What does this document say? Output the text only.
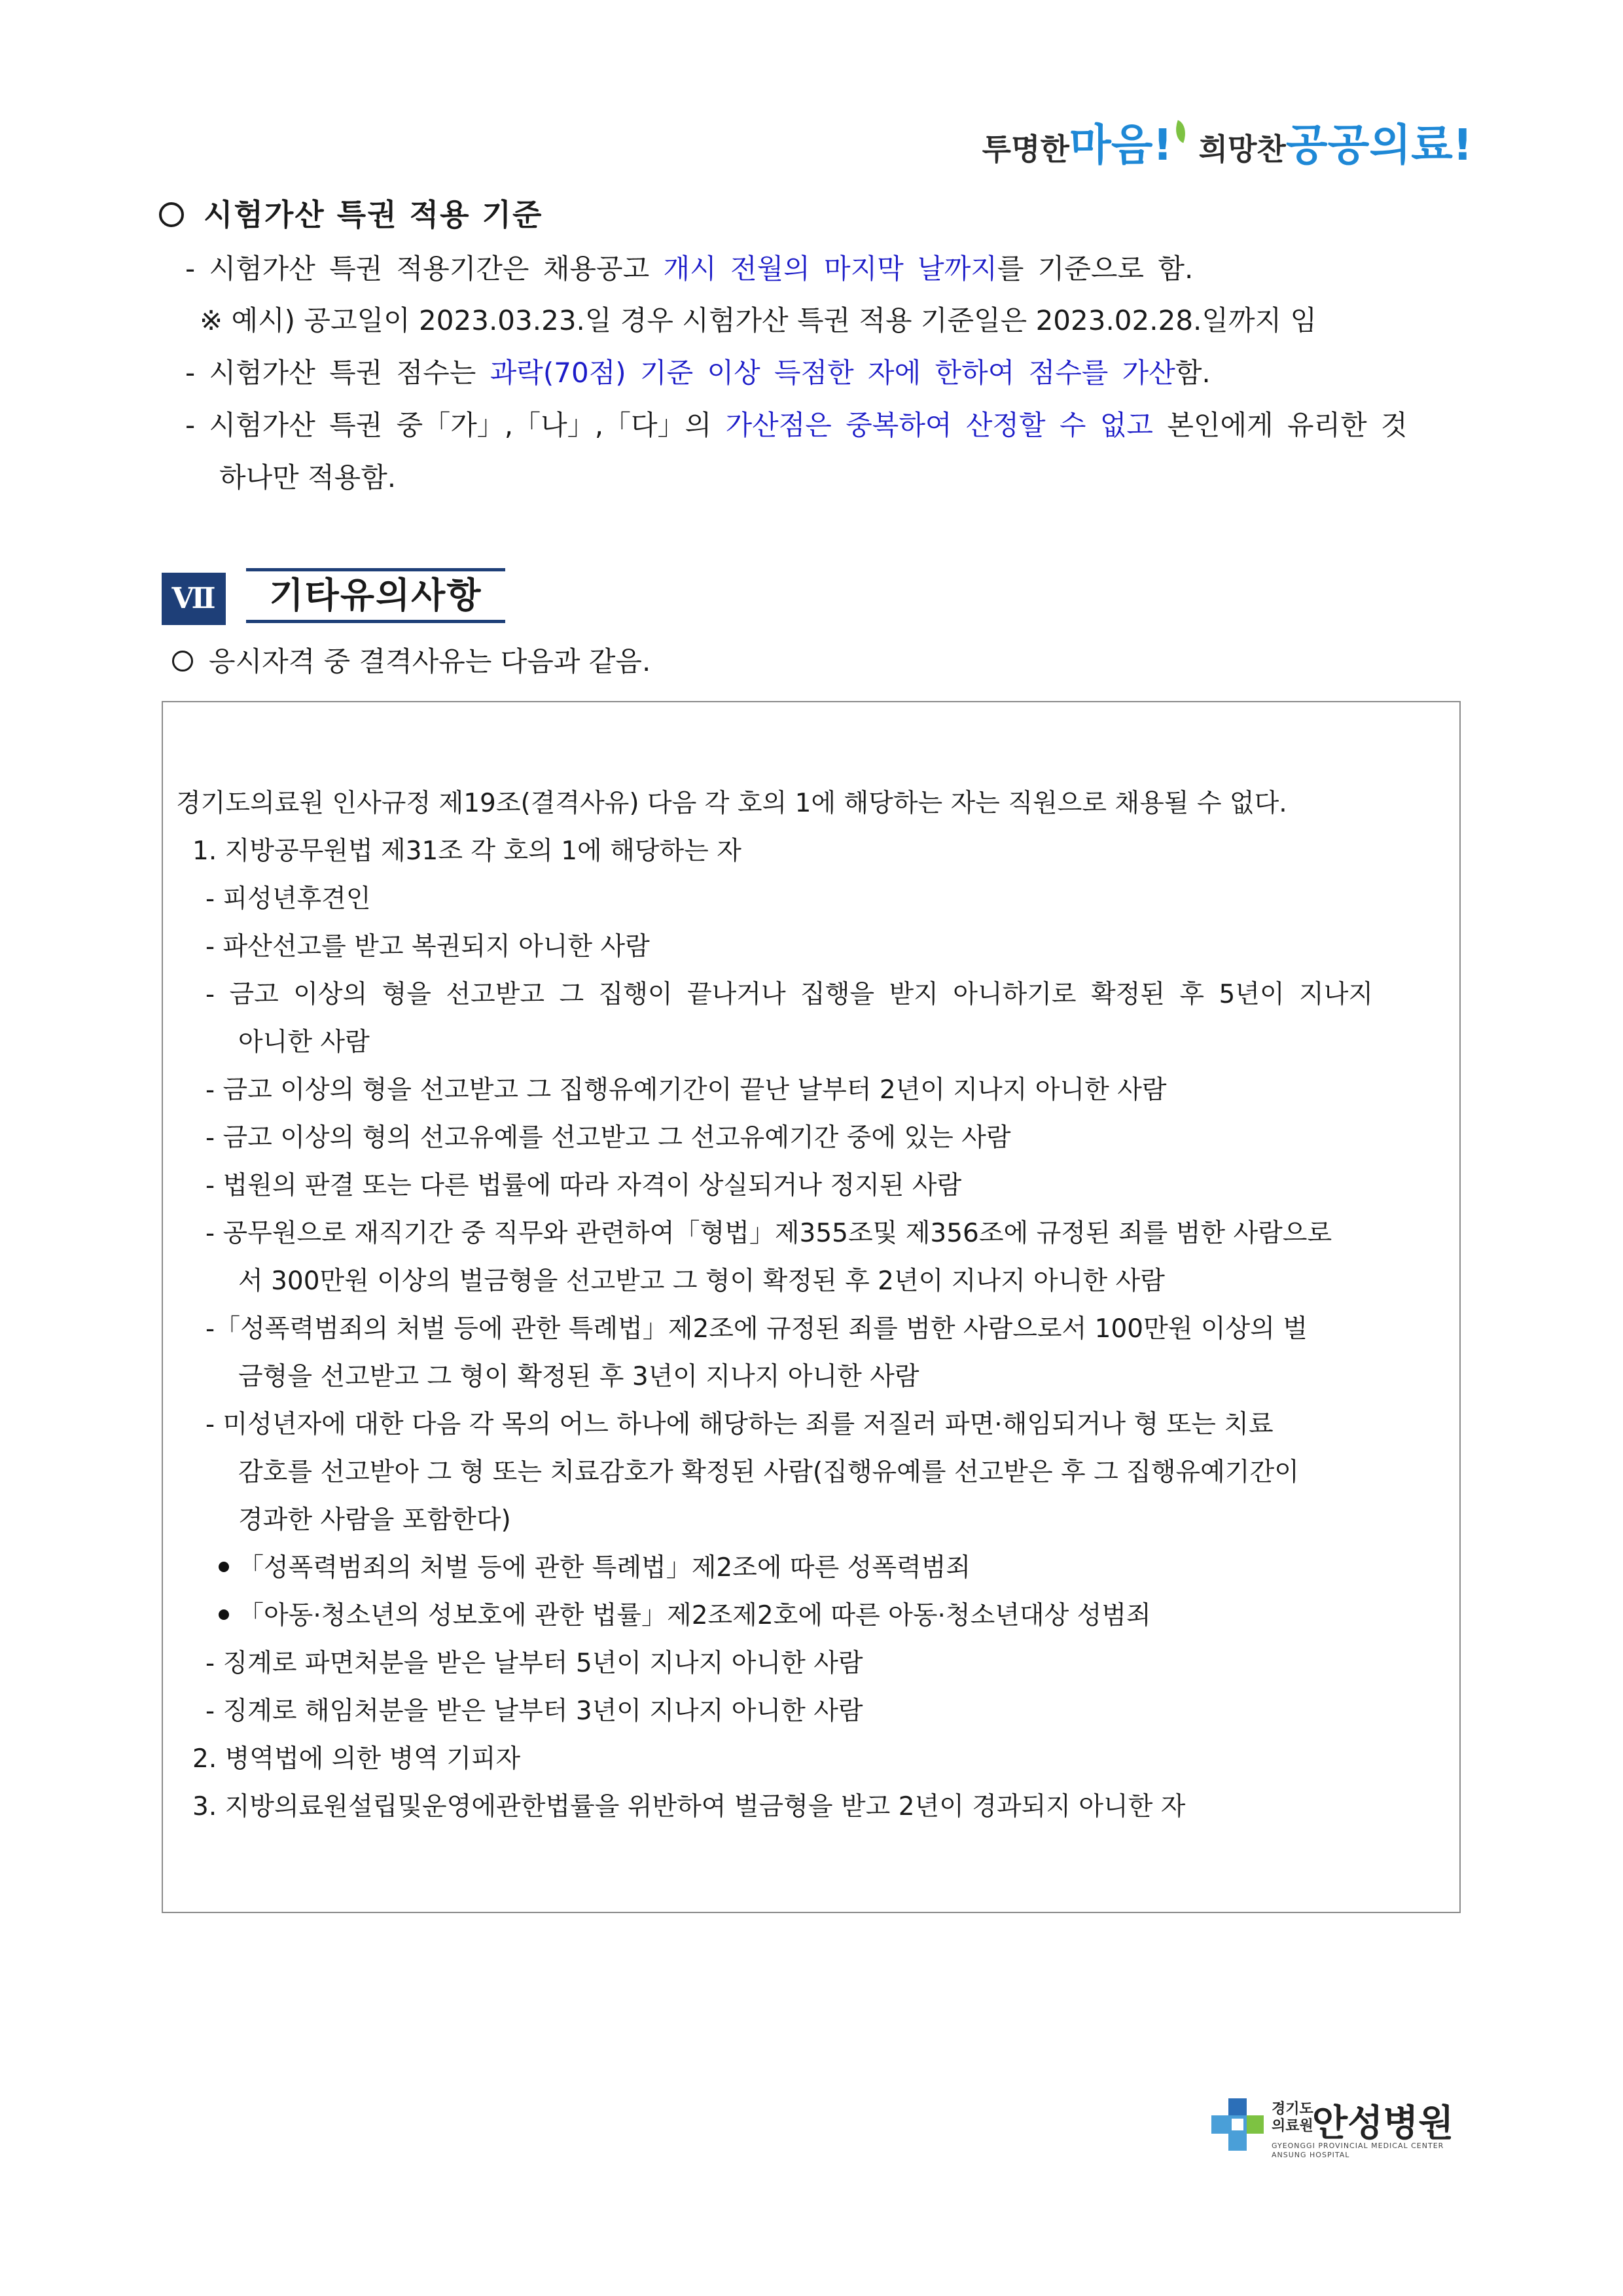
투명한마음! 희망찬공공의료!
시험가산 특권 적용 기준
- 시험가산 특권 적용기간은 채용공고 개시 전월의 마지막 날까지를 기준으로 함.
※ 예시) 공고일이 2023.03.23.일 경우 시험가산 특권 적용 기준일은 2023.02.28.일까지 임
- 시험가산 특권 점수는 과락(70점) 기준 이상 득점한 자에 한하여 점수를 가산함.
- 시험가산 특권 중「가」,「나」,「다」의 가산점은 중복하여 산정할 수 없고 본인에게 유리한 것
하나만 적용함.
Ⅶ	기타유의사항
응시자격 중 결격사유는 다음과 같음.
경기도의료원 인사규정 제19조(결격사유) 다음 각 호의 1에 해당하는 자는 직원으로 채용될 수 없다.
1. 지방공무원법 제31조 각 호의 1에 해당하는 자
- 피성년후견인
- 파산선고를 받고 복권되지 아니한 사람
- 금고 이상의 형을 선고받고 그 집행이 끝나거나 집행을 받지 아니하기로 확정된 후 5년이 지나지
아니한 사람
- 금고 이상의 형을 선고받고 그 집행유예기간이 끝난 날부터 2년이 지나지 아니한 사람
- 금고 이상의 형의 선고유예를 선고받고 그 선고유예기간 중에 있는 사람
- 법원의 판결 또는 다른 법률에 따라 자격이 상실되거나 정지된 사람
- 공무원으로 재직기간 중 직무와 관련하여「형법」제355조및 제356조에 규정된 죄를 범한 사람으로
서 300만원 이상의 벌금형을 선고받고 그 형이 확정된 후 2년이 지나지 아니한 사람
-「성폭력범죄의 처벌 등에 관한 특례법」제2조에 규정된 죄를 범한 사람으로서 100만원 이상의 벌
금형을 선고받고 그 형이 확정된 후 3년이 지나지 아니한 사람
- 미성년자에 대한 다음 각 목의 어느 하나에 해당하는 죄를 저질러 파면·해임되거나 형 또는 치료
감호를 선고받아 그 형 또는 치료감호가 확정된 사람(집행유예를 선고받은 후 그 집행유예기간이
경과한 사람을 포함한다)
「성폭력범죄의 처벌 등에 관한 특례법」제2조에 따른 성폭력범죄
「아동·청소년의 성보호에 관한 법률」제2조제2호에 따른 아동·청소년대상 성범죄
- 징계로 파면처분을 받은 날부터 5년이 지나지 아니한 사람
- 징계로 해임처분을 받은 날부터 3년이 지나지 아니한 사람
2. 병역법에 의한 병역 기피자
3. 지방의료원설립및운영에관한법률을 위반하여 벌금형을 받고 2년이 경과되지 아니한 자
경기도
의료원
안성병원
GYEONGGI PROVINCIAL MEDICAL CENTER
ANSUNG HOSPITAL
